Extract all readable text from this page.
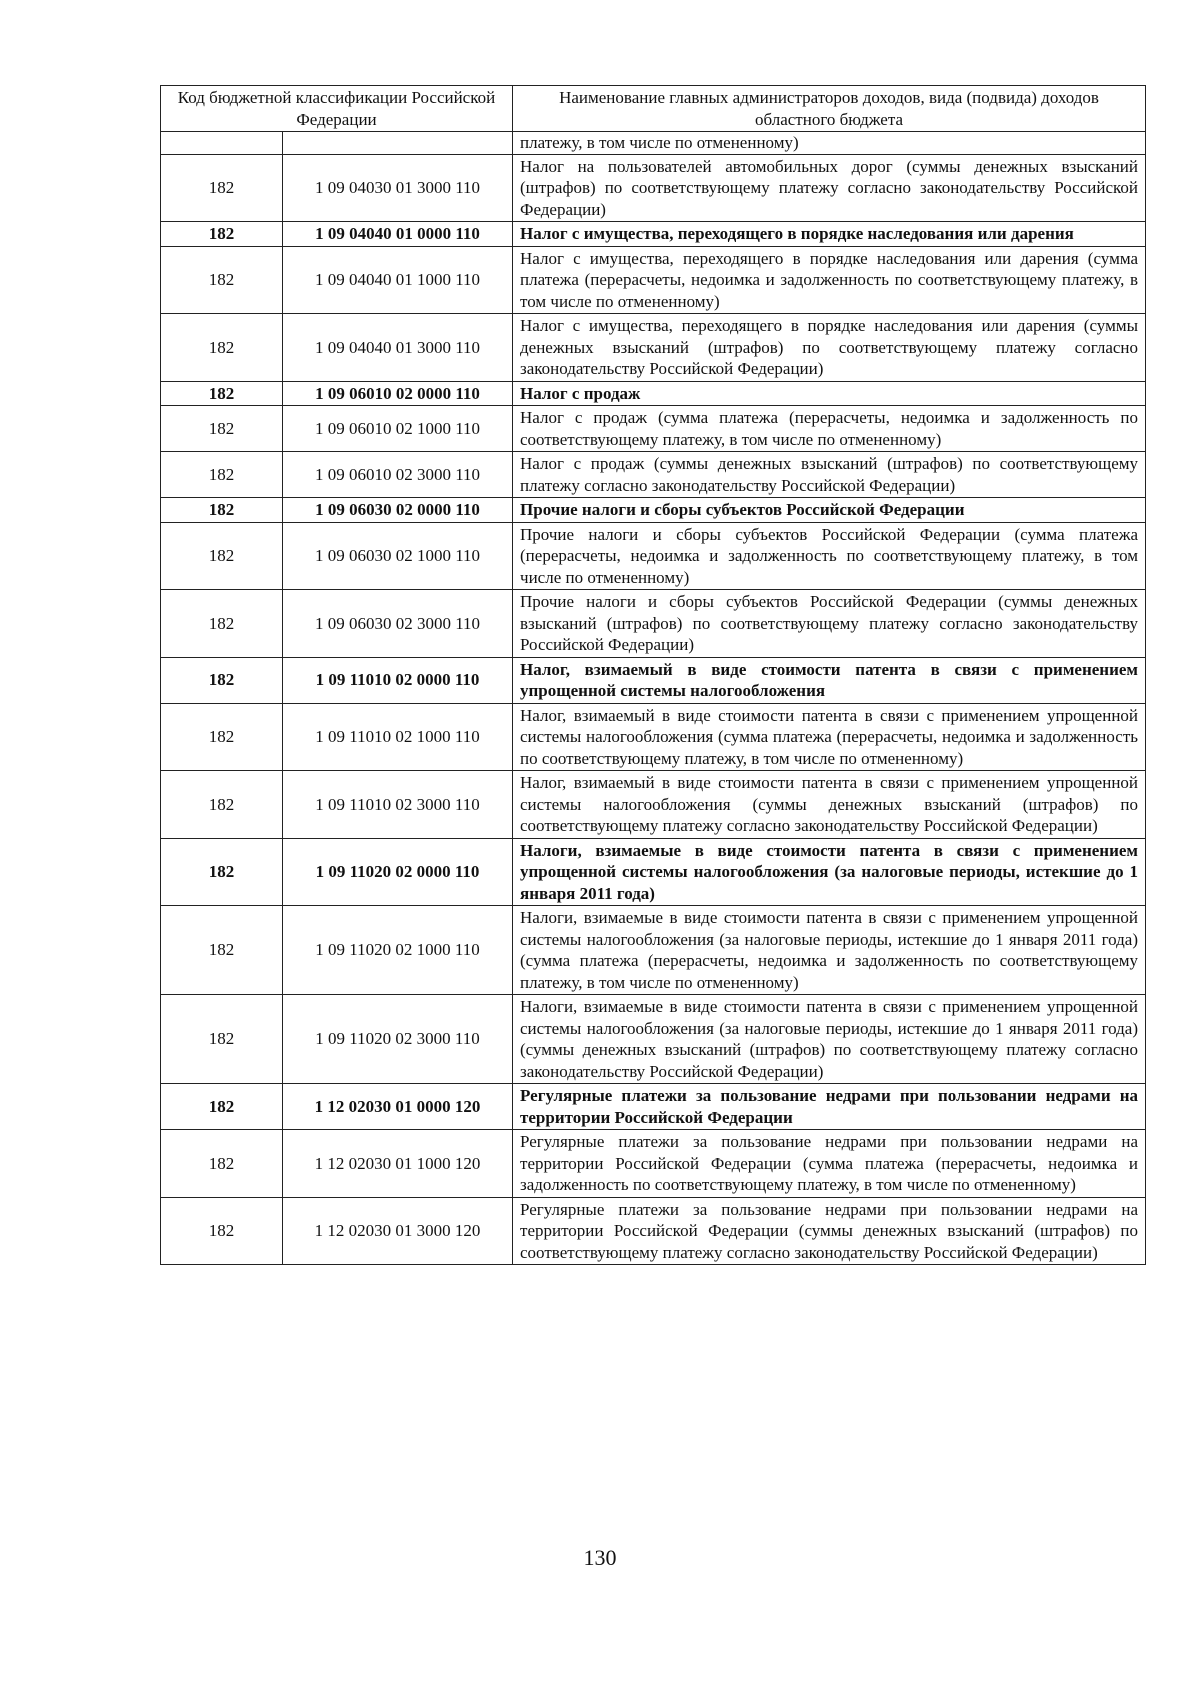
Код бюджетной классификации Российской Федерации		Наименование главных администраторов доходов, вида (подвида) доходов областного бюджета
		платежу, в том числе по отмененному)
182	1 09 04030 01 3000 110	Налог на пользователей автомобильных дорог (суммы денежных взысканий (штрафов) по соответствующему платежу согласно законодательству Российской Федерации)
182	1 09 04040 01 0000 110	Налог с имущества, переходящего в порядке наследования или дарения
182	1 09 04040 01 1000 110	Налог с имущества, переходящего в порядке наследования или дарения (сумма платежа (перерасчеты, недоимка и задолженность по соответствующему платежу, в том числе по отмененному)
182	1 09 04040 01 3000 110	Налог с имущества, переходящего в порядке наследования или дарения (суммы денежных взысканий (штрафов) по соответствующему платежу согласно законодательству Российской Федерации)
182	1 09 06010 02 0000 110	Налог с продаж
182	1 09 06010 02 1000 110	Налог с продаж (сумма платежа (перерасчеты, недоимка и задолженность по соответствующему платежу, в том числе по отмененному)
182	1 09 06010 02 3000 110	Налог с продаж (суммы денежных взысканий (штрафов) по соответствующему платежу согласно законодательству Российской Федерации)
182	1 09 06030 02 0000 110	Прочие налоги и сборы субъектов Российской Федерации
182	1 09 06030 02 1000 110	Прочие налоги и сборы субъектов Российской Федерации (сумма платежа (перерасчеты, недоимка и задолженность по соответствующему платежу, в том числе по отмененному)
182	1 09 06030 02 3000 110	Прочие налоги и сборы субъектов Российской Федерации (суммы денежных взысканий (штрафов) по соответствующему платежу согласно законодательству Российской Федерации)
182	1 09 11010 02 0000 110	Налог, взимаемый в виде стоимости патента в связи с применением упрощенной системы налогообложения
182	1 09 11010 02 1000 110	Налог, взимаемый в виде стоимости патента в связи с применением упрощенной системы налогообложения (сумма платежа (перерасчеты, недоимка и задолженность по соответствующему платежу, в том числе по отмененному)
182	1 09 11010 02 3000 110	Налог, взимаемый в виде стоимости патента в связи с применением упрощенной системы налогообложения (суммы денежных взысканий (штрафов) по соответствующему платежу согласно законодательству Российской Федерации)
182	1 09 11020 02 0000 110	Налоги, взимаемые в виде стоимости патента в связи с применением упрощенной системы налогообложения (за налоговые периоды, истекшие до 1 января 2011 года)
182	1 09 11020 02 1000 110	Налоги, взимаемые в виде стоимости патента в связи с применением упрощенной системы налогообложения (за налоговые периоды, истекшие до 1 января 2011 года) (сумма платежа (перерасчеты, недоимка и задолженность по соответствующему платежу, в том числе по отмененному)
182	1 09 11020 02 3000 110	Налоги, взимаемые в виде стоимости патента в связи с применением упрощенной системы налогообложения (за налоговые периоды, истекшие до 1 января 2011 года) (суммы денежных взысканий (штрафов) по соответствующему платежу согласно законодательству Российской Федерации)
182	1 12 02030 01 0000 120	Регулярные платежи за пользование недрами при пользовании недрами на территории Российской Федерации
182	1 12 02030 01 1000 120	Регулярные платежи за пользование недрами при пользовании недрами на территории Российской Федерации (сумма платежа (перерасчеты, недоимка и задолженность по соответствующему платежу, в том числе по отмененному)
182	1 12 02030 01 3000 120	Регулярные платежи за пользование недрами при пользовании недрами на территории Российской Федерации (суммы денежных взысканий (штрафов) по соответствующему платежу согласно законодательству Российской Федерации)
130
